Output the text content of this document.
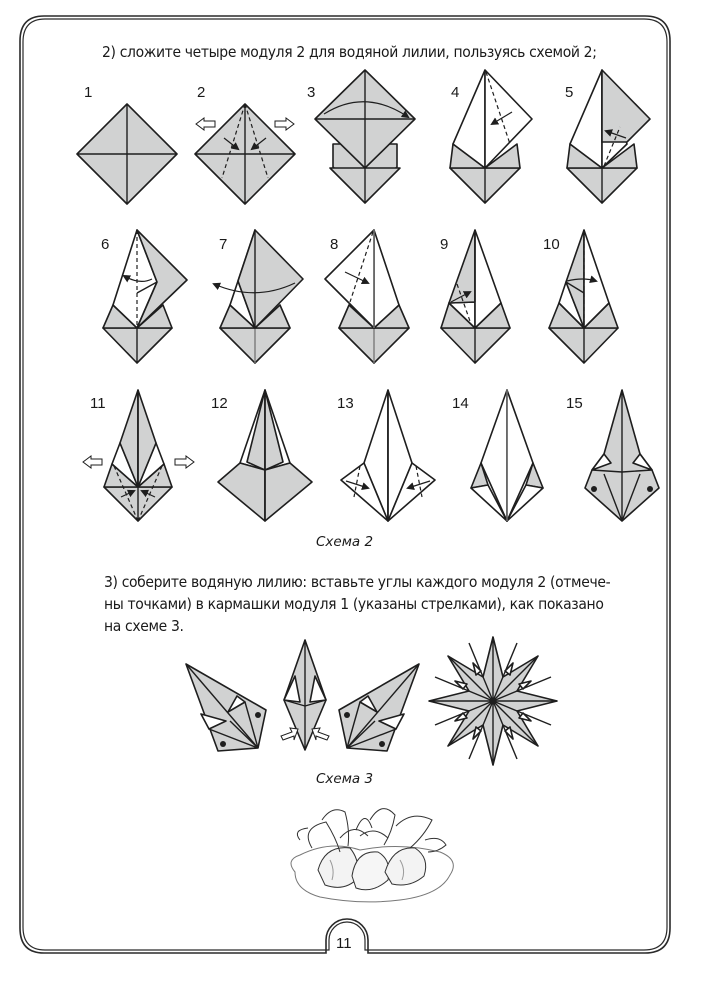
2) сложите четыре модуля 2 для водяной лилии, пользуясь схемой 2;
1	2	3	4	5
6	7	8	9	10
11	12	13	14	15
Схема 2
3) соберите водяную лилию: вставьте углы каждого модуля 2 (отмече-
ны точками) в кармашки модуля 1 (указаны стрелками), как показано
на схеме 3.
Схема 3
11
